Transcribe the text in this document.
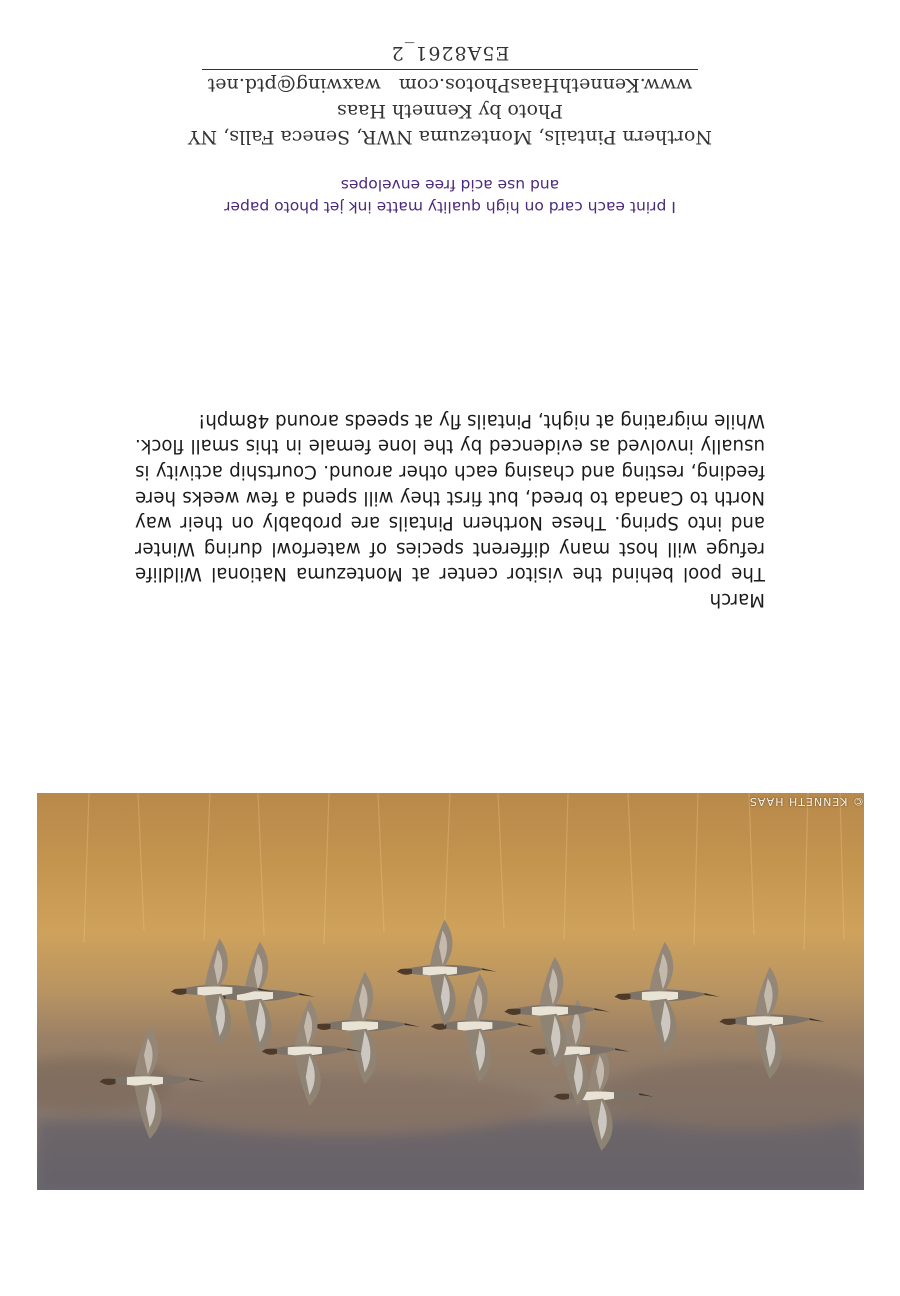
March

The pool behind the visitor center at Montezuma National Wildlife refuge will host many different species of waterfowl during Winter and into Spring. These Northern Pintails are probably on their way North to Canada to breed, but first they will spend a few weeks here feeding, resting and chasing each other around. Courtship activity is usually involved as evidenced by the lone female in this small flock. While migrating at night, Pintails fly at speeds around 48mph!

I print each card on high quality matte ink jet photo paper
and use acid free envelopes

Northern Pintails, Montezuma NWR, Seneca Falls, NY

Photo by Kenneth Haas

www.KennethHaasPhotos.comwaxwing@ptd.net
E5A8261_2
© KENNETH HAAS
